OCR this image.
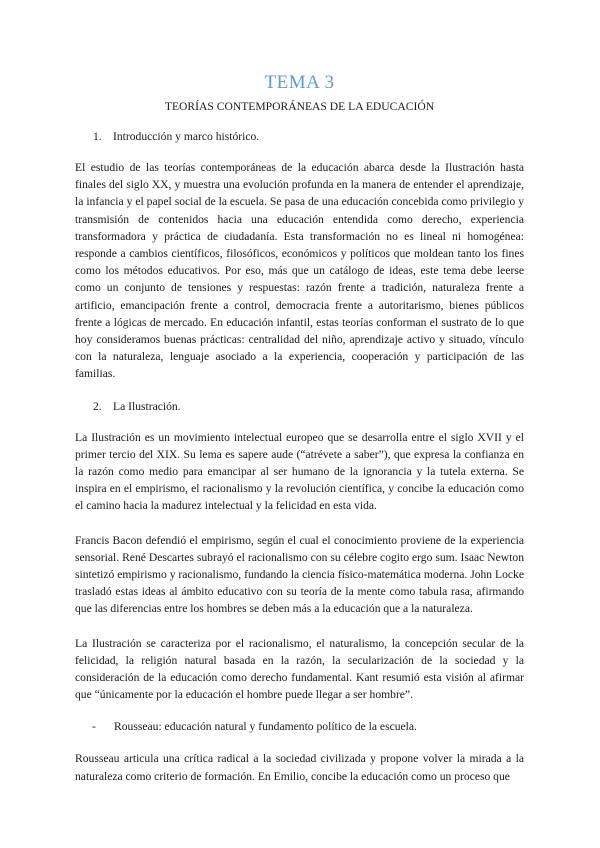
TEMA 3
TEORÍAS CONTEMPORÁNEAS DE LA EDUCACIÓN
1. Introducción y marco histórico.

El estudio de las teorías contemporáneas de la educación abarca desde la Ilustración hasta finales del siglo XX, y muestra una evolución profunda en la manera de entender el aprendizaje, la infancia y el papel social de la escuela. Se pasa de una educación concebida como privilegio y transmisión de contenidos hacia una educación entendida como derecho, experiencia transformadora y práctica de ciudadanía. Esta transformación no es lineal ni homogénea: responde a cambios científicos, filosóficos, económicos y políticos que moldean tanto los fines como los métodos educativos. Por eso, más que un catálogo de ideas, este tema debe leerse como un conjunto de tensiones y respuestas: razón frente a tradición, naturaleza frente a artificio, emancipación frente a control, democracia frente a autoritarismo, bienes públicos frente a lógicas de mercado. En educación infantil, estas teorías conforman el sustrato de lo que hoy consideramos buenas prácticas: centralidad del niño, aprendizaje activo y situado, vínculo con la naturaleza, lenguaje asociado a la experiencia, cooperación y participación de las familias.

2. La Ilustración.

La Ilustración es un movimiento intelectual europeo que se desarrolla entre el siglo XVII y el primer tercio del XIX. Su lema es sapere aude (“atrévete a saber”), que expresa la confianza en la razón como medio para emancipar al ser humano de la ignorancia y la tutela externa. Se inspira en el empirismo, el racionalismo y la revolución científica, y concibe la educación como el camino hacia la madurez intelectual y la felicidad en esta vida.

Francis Bacon defendió el empirismo, según el cual el conocimiento proviene de la experiencia sensorial. René Descartes subrayó el racionalismo con su célebre cogito ergo sum. Isaac Newton sintetizó empirismo y racionalismo, fundando la ciencia físico-matemática moderna. John Locke trasladó estas ideas al ámbito educativo con su teoría de la mente como tabula rasa, afirmando que las diferencias entre los hombres se deben más a la educación que a la naturaleza.

La Ilustración se caracteriza por el racionalismo, el naturalismo, la concepción secular de la felicidad, la religión natural basada en la razón, la secularización de la sociedad y la consideración de la educación como derecho fundamental. Kant resumió esta visión al afirmar que “únicamente por la educación el hombre puede llegar a ser hombre”.

-	Rousseau: educación natural y fundamento político de la escuela.

Rousseau articula una crítica radical a la sociedad civilizada y propone volver la mirada a la naturaleza como criterio de formación. En Emilio, concibe la educación como un proceso que
